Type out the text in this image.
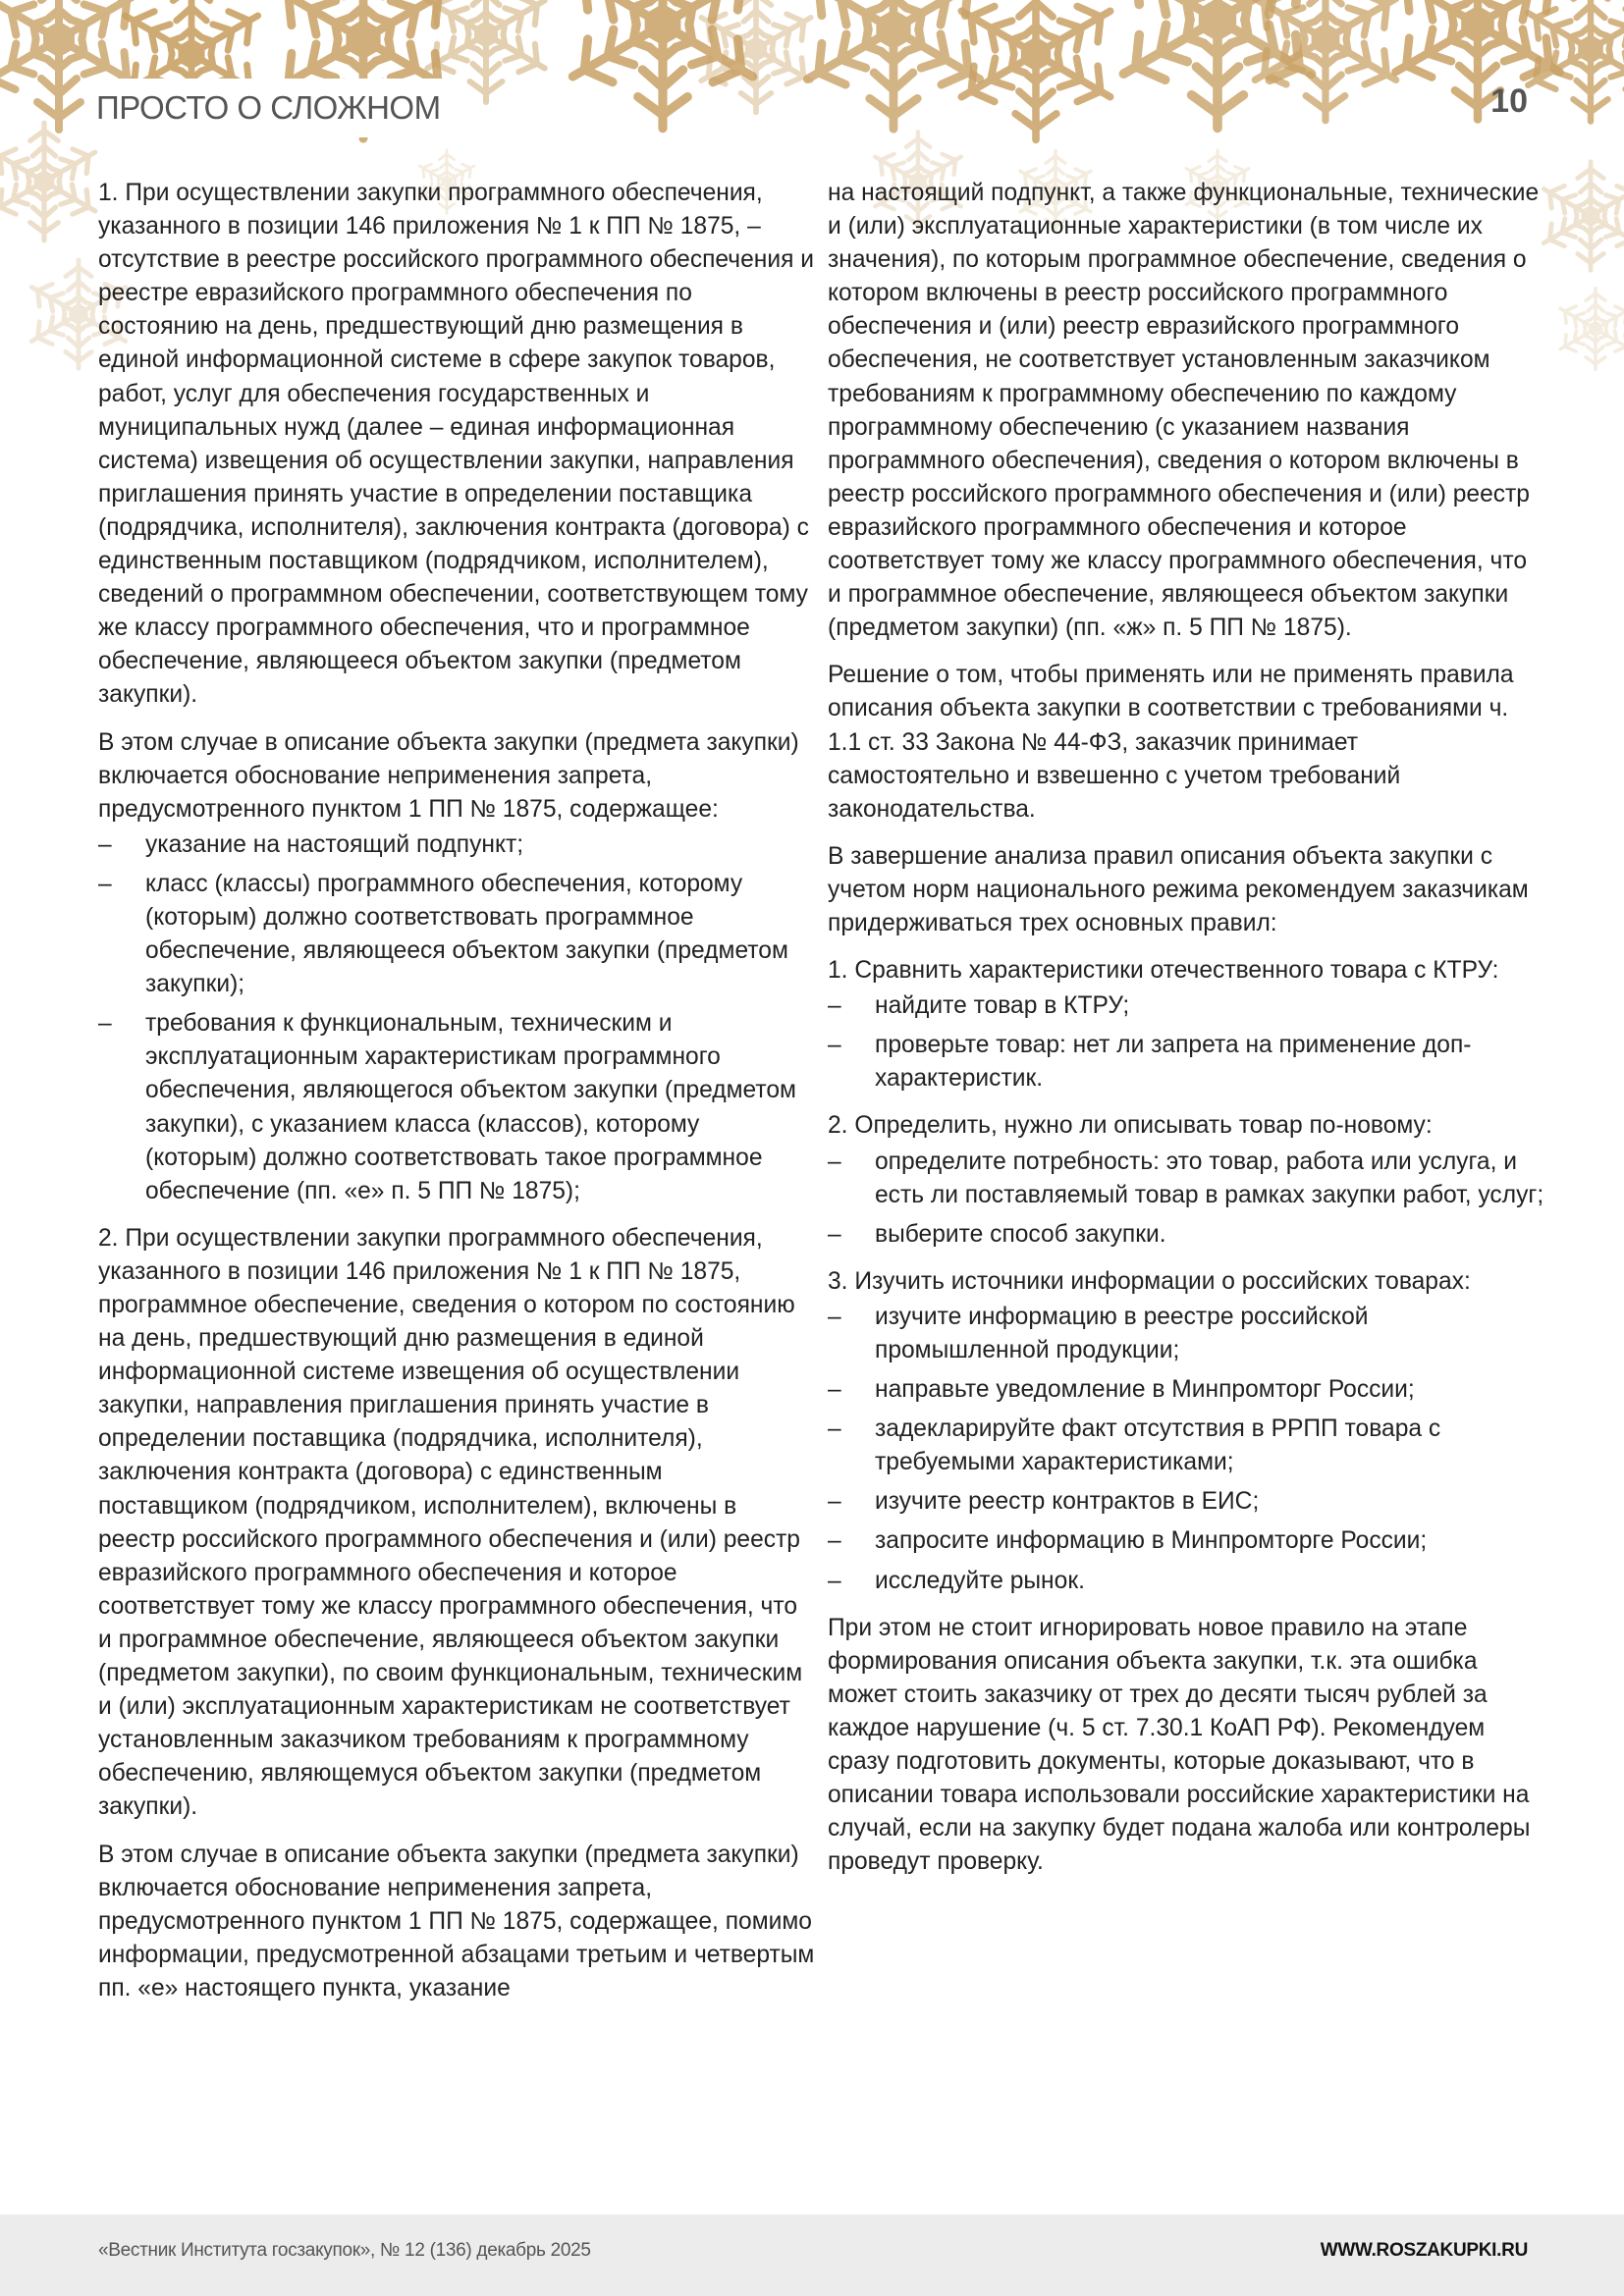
ПРОСТО О СЛОЖНОМ	10

1. При осуществлении закупки программного обеспечения, указанного в позиции 146 приложения № 1 к ПП № 1875, – отсутствие в реестре российского программного обеспечения и реестре евразийского программного обеспечения по состоянию на день, предшествующий дню размещения в единой информационной системе в сфере закупок товаров, работ, услуг для обеспечения государственных и муниципальных нужд (далее – единая информационная система) извещения об осуществлении закупки, направления приглашения принять участие в определении поставщика (подрядчика, исполнителя), заключения контракта (договора) с единственным поставщиком (подрядчиком, исполнителем), сведений о программном обеспечении, соответствующем тому же классу программного обеспечения, что и программное обеспечение, являющееся объектом закупки (предметом закупки).

В этом случае в описание объекта закупки (предмета закупки) включается обоснование неприменения запрета, предусмотренного пунктом 1 ПП № 1875, содержащее:

– указание на настоящий подпункт;
– класс (классы) программного обеспечения, которому (которым) должно соответствовать программное обеспечение, являющееся объектом закупки (предметом закупки);
– требования к функциональным, техническим и эксплуатационным характеристикам программного обеспечения, являющегося объектом закупки (предметом закупки), с указанием класса (классов), которому (которым) должно соответствовать такое программное обеспечение (пп. «е» п. 5 ПП № 1875);

2. При осуществлении закупки программного обеспечения, указанного в позиции 146 приложения № 1 к ПП № 1875, программное обеспечение, сведения о котором по состоянию на день, предшествующий дню размещения в единой информационной системе извещения об осуществлении закупки, направления приглашения принять участие в определении поставщика (подрядчика, исполнителя), заключения контракта (договора) с единственным поставщиком (подрядчиком, исполнителем), включены в реестр российского программного обеспечения и (или) реестр евразийского программного обеспечения и которое соответствует тому же классу программного обеспечения, что и программное обеспечение, являющееся объектом закупки (предметом закупки), по своим функциональным, техническим и (или) эксплуатационным характеристикам не соответствует установленным заказчиком требованиям к программному обеспечению, являющемуся объектом закупки (предметом закупки).

В этом случае в описание объекта закупки (предмета закупки) включается обоснование неприменения запрета, предусмотренного пунктом 1 ПП № 1875, содержащее, помимо информации, предусмотренной абзацами третьим и четвертым пп. «е» настоящего пункта, указание

на настоящий подпункт, а также функциональные, технические и (или) эксплуатационные характеристики (в том числе их значения), по которым программное обеспечение, сведения о котором включены в реестр российского программного обеспечения и (или) реестр евразийского программного обеспечения, не соответствует установленным заказчиком требованиям к программному обеспечению по каждому программному обеспечению (с указанием названия программного обеспечения), сведения о котором включены в реестр российского программного обеспечения и (или) реестр евразийского программного обеспечения и которое соответствует тому же классу программного обеспечения, что и программное обеспечение, являющееся объектом закупки (предметом закупки) (пп. «ж» п. 5 ПП № 1875).

Решение о том, чтобы применять или не применять правила описания объекта закупки в соответствии с требованиями ч. 1.1 ст. 33 Закона № 44-ФЗ, заказчик принимает самостоятельно и взвешенно с учетом требований законодательства.

В завершение анализа правил описания объекта закупки с учетом норм национального режима рекомендуем заказчикам придерживаться трех основных правил:

1. Сравнить характеристики отечественного товара с КТРУ:

– найдите товар в КТРУ;
– проверьте товар: нет ли запрета на применение доп-характеристик.

2. Определить, нужно ли описывать товар по-новому:

– определите потребность: это товар, работа или услуга, и есть ли поставляемый товар в рамках закупки работ, услуг;
– выберите способ закупки.

3. Изучить источники информации о российских товарах:

– изучите информацию в реестре российской промышленной продукции;
– направьте уведомление в Минпромторг России;
– задекларируйте факт отсутствия в РРПП товара с требуемыми характеристиками;
– изучите реестр контрактов в ЕИС;
– запросите информацию в Минпромторге России;
– исследуйте рынок.

При этом не стоит игнорировать новое правило на этапе формирования описания объекта закупки, т.к. эта ошибка может стоить заказчику от трех до десяти тысяч рублей за каждое нарушение (ч. 5 ст. 7.30.1 КоАП РФ). Рекомендуем сразу подготовить документы, которые доказывают, что в описании товара использовали российские характеристики на случай, если на закупку будет подана жалоба или контролеры проведут проверку.

«Вестник Института госзакупок», № 12 (136) декабрь 2025	WWW.ROSZAKUPKI.RU
